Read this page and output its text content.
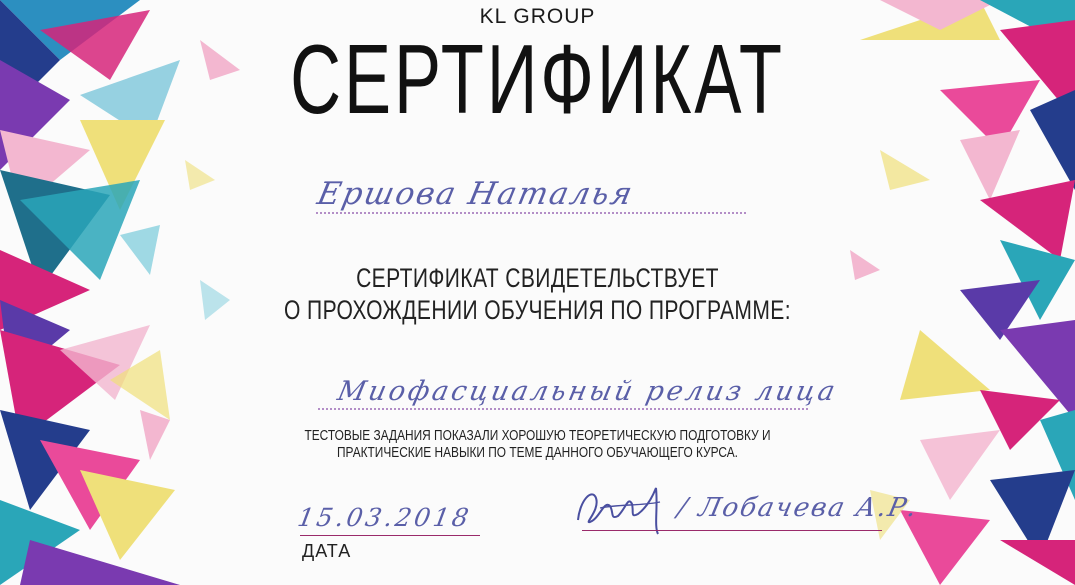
KL GROUP
СЕРТИФИКАТ
Ершова Наталья
СЕРТИФИКАТ СВИДЕТЕЛЬСТВУЕТ
О ПРОХОЖДЕНИИ ОБУЧЕНИЯ ПО ПРОГРАММЕ:
Миофасциальный релиз лица
ТЕСТОВЫЕ ЗАДАНИЯ ПОКАЗАЛИ ХОРОШУЮ ТЕОРЕТИЧЕСКУЮ ПОДГОТОВКУ И
ПРАКТИЧЕСКИЕ НАВЫКИ ПО ТЕМЕ ДАННОГО ОБУЧАЮЩЕГО КУРСА.
15.03.2018
ДАТА
/ Лобачева А.Р.
